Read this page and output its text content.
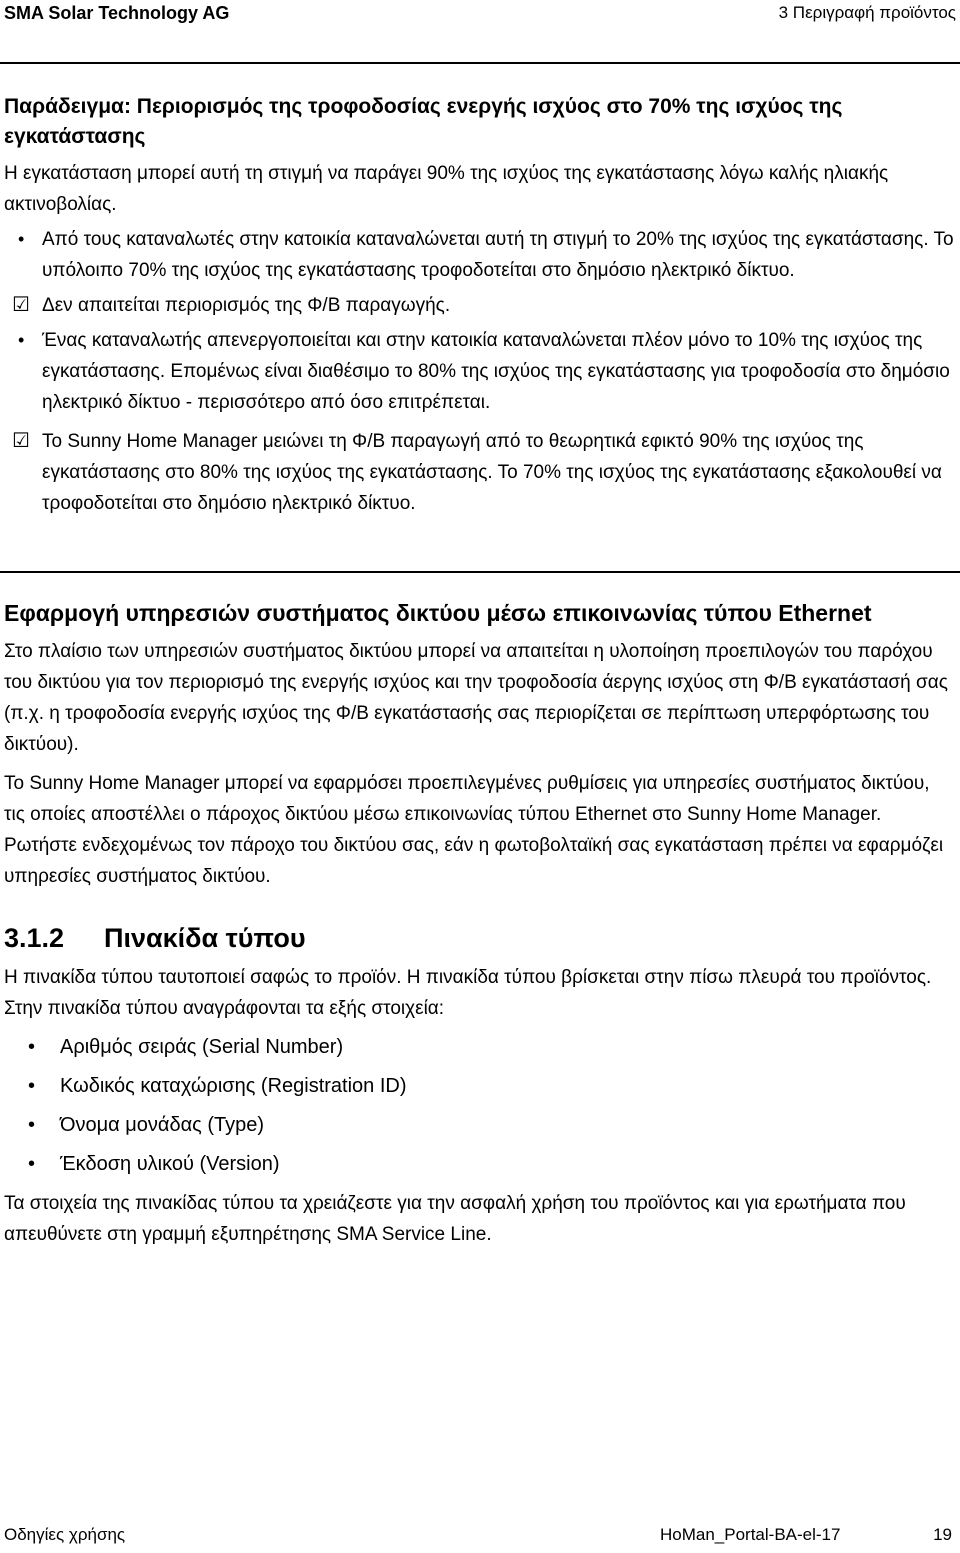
SMA Solar Technology AG	3 Περιγραφή προϊόντος
Παράδειγμα: Περιορισμός της τροφοδοσίας ενεργής ισχύος στο 70% της ισχύος της εγκατάστασης

Η εγκατάσταση μπορεί αυτή τη στιγμή να παράγει 90% της ισχύος της εγκατάστασης λόγω καλής ηλιακής ακτινοβολίας.

• Από τους καταναλωτές στην κατοικία καταναλώνεται αυτή τη στιγμή το 20% της ισχύος της εγκατάστασης. Το υπόλοιπο 70% της ισχύος της εγκατάστασης τροφοδοτείται στο δημόσιο ηλεκτρικό δίκτυο.
☑ Δεν απαιτείται περιορισμός της Φ/Β παραγωγής.
• Ένας καταναλωτής απενεργοποιείται και στην κατοικία καταναλώνεται πλέον μόνο το 10% της ισχύος της εγκατάστασης. Επομένως είναι διαθέσιμο το 80% της ισχύος της εγκατάστασης για τροφοδοσία στο δημόσιο ηλεκτρικό δίκτυο - περισσότερο από όσο επιτρέπεται.
☑ Το Sunny Home Manager μειώνει τη Φ/Β παραγωγή από το θεωρητικά εφικτό 90% της ισχύος της εγκατάστασης στο 80% της ισχύος της εγκατάστασης. Το 70% της ισχύος της εγκατάστασης εξακολουθεί να τροφοδοτείται στο δημόσιο ηλεκτρικό δίκτυο.
Εφαρμογή υπηρεσιών συστήματος δικτύου μέσω επικοινωνίας τύπου Ethernet

Στο πλαίσιο των υπηρεσιών συστήματος δικτύου μπορεί να απαιτείται η υλοποίηση προεπιλογών του παρόχου του δικτύου για τον περιορισμό της ενεργής ισχύος και την τροφοδοσία άεργης ισχύος στη Φ/Β εγκατάστασή σας (π.χ. η τροφοδοσία ενεργής ισχύος της Φ/Β εγκατάστασής σας περιορίζεται σε περίπτωση υπερφόρτωσης του δικτύου).

Το Sunny Home Manager μπορεί να εφαρμόσει προεπιλεγμένες ρυθμίσεις για υπηρεσίες συστήματος δικτύου, τις οποίες αποστέλλει ο πάροχος δικτύου μέσω επικοινωνίας τύπου Ethernet στο Sunny Home Manager. Ρωτήστε ενδεχομένως τον πάροχο του δικτύου σας, εάν η φωτοβολταϊκή σας εγκατάσταση πρέπει να εφαρμόζει υπηρεσίες συστήματος δικτύου.

3.1.2 Πινακίδα τύπου

Η πινακίδα τύπου ταυτοποιεί σαφώς το προϊόν. Η πινακίδα τύπου βρίσκεται στην πίσω πλευρά του προϊόντος. Στην πινακίδα τύπου αναγράφονται τα εξής στοιχεία:

• Αριθμός σειράς (Serial Number)
• Κωδικός καταχώρισης (Registration ID)
• Όνομα μονάδας (Type)
• Έκδοση υλικού (Version)

Τα στοιχεία της πινακίδας τύπου τα χρειάζεστε για την ασφαλή χρήση του προϊόντος και για ερωτήματα που απευθύνετε στη γραμμή εξυπηρέτησης SMA Service Line.

Οδηγίες χρήσης	HoMan_Portal-BA-el-17	19
